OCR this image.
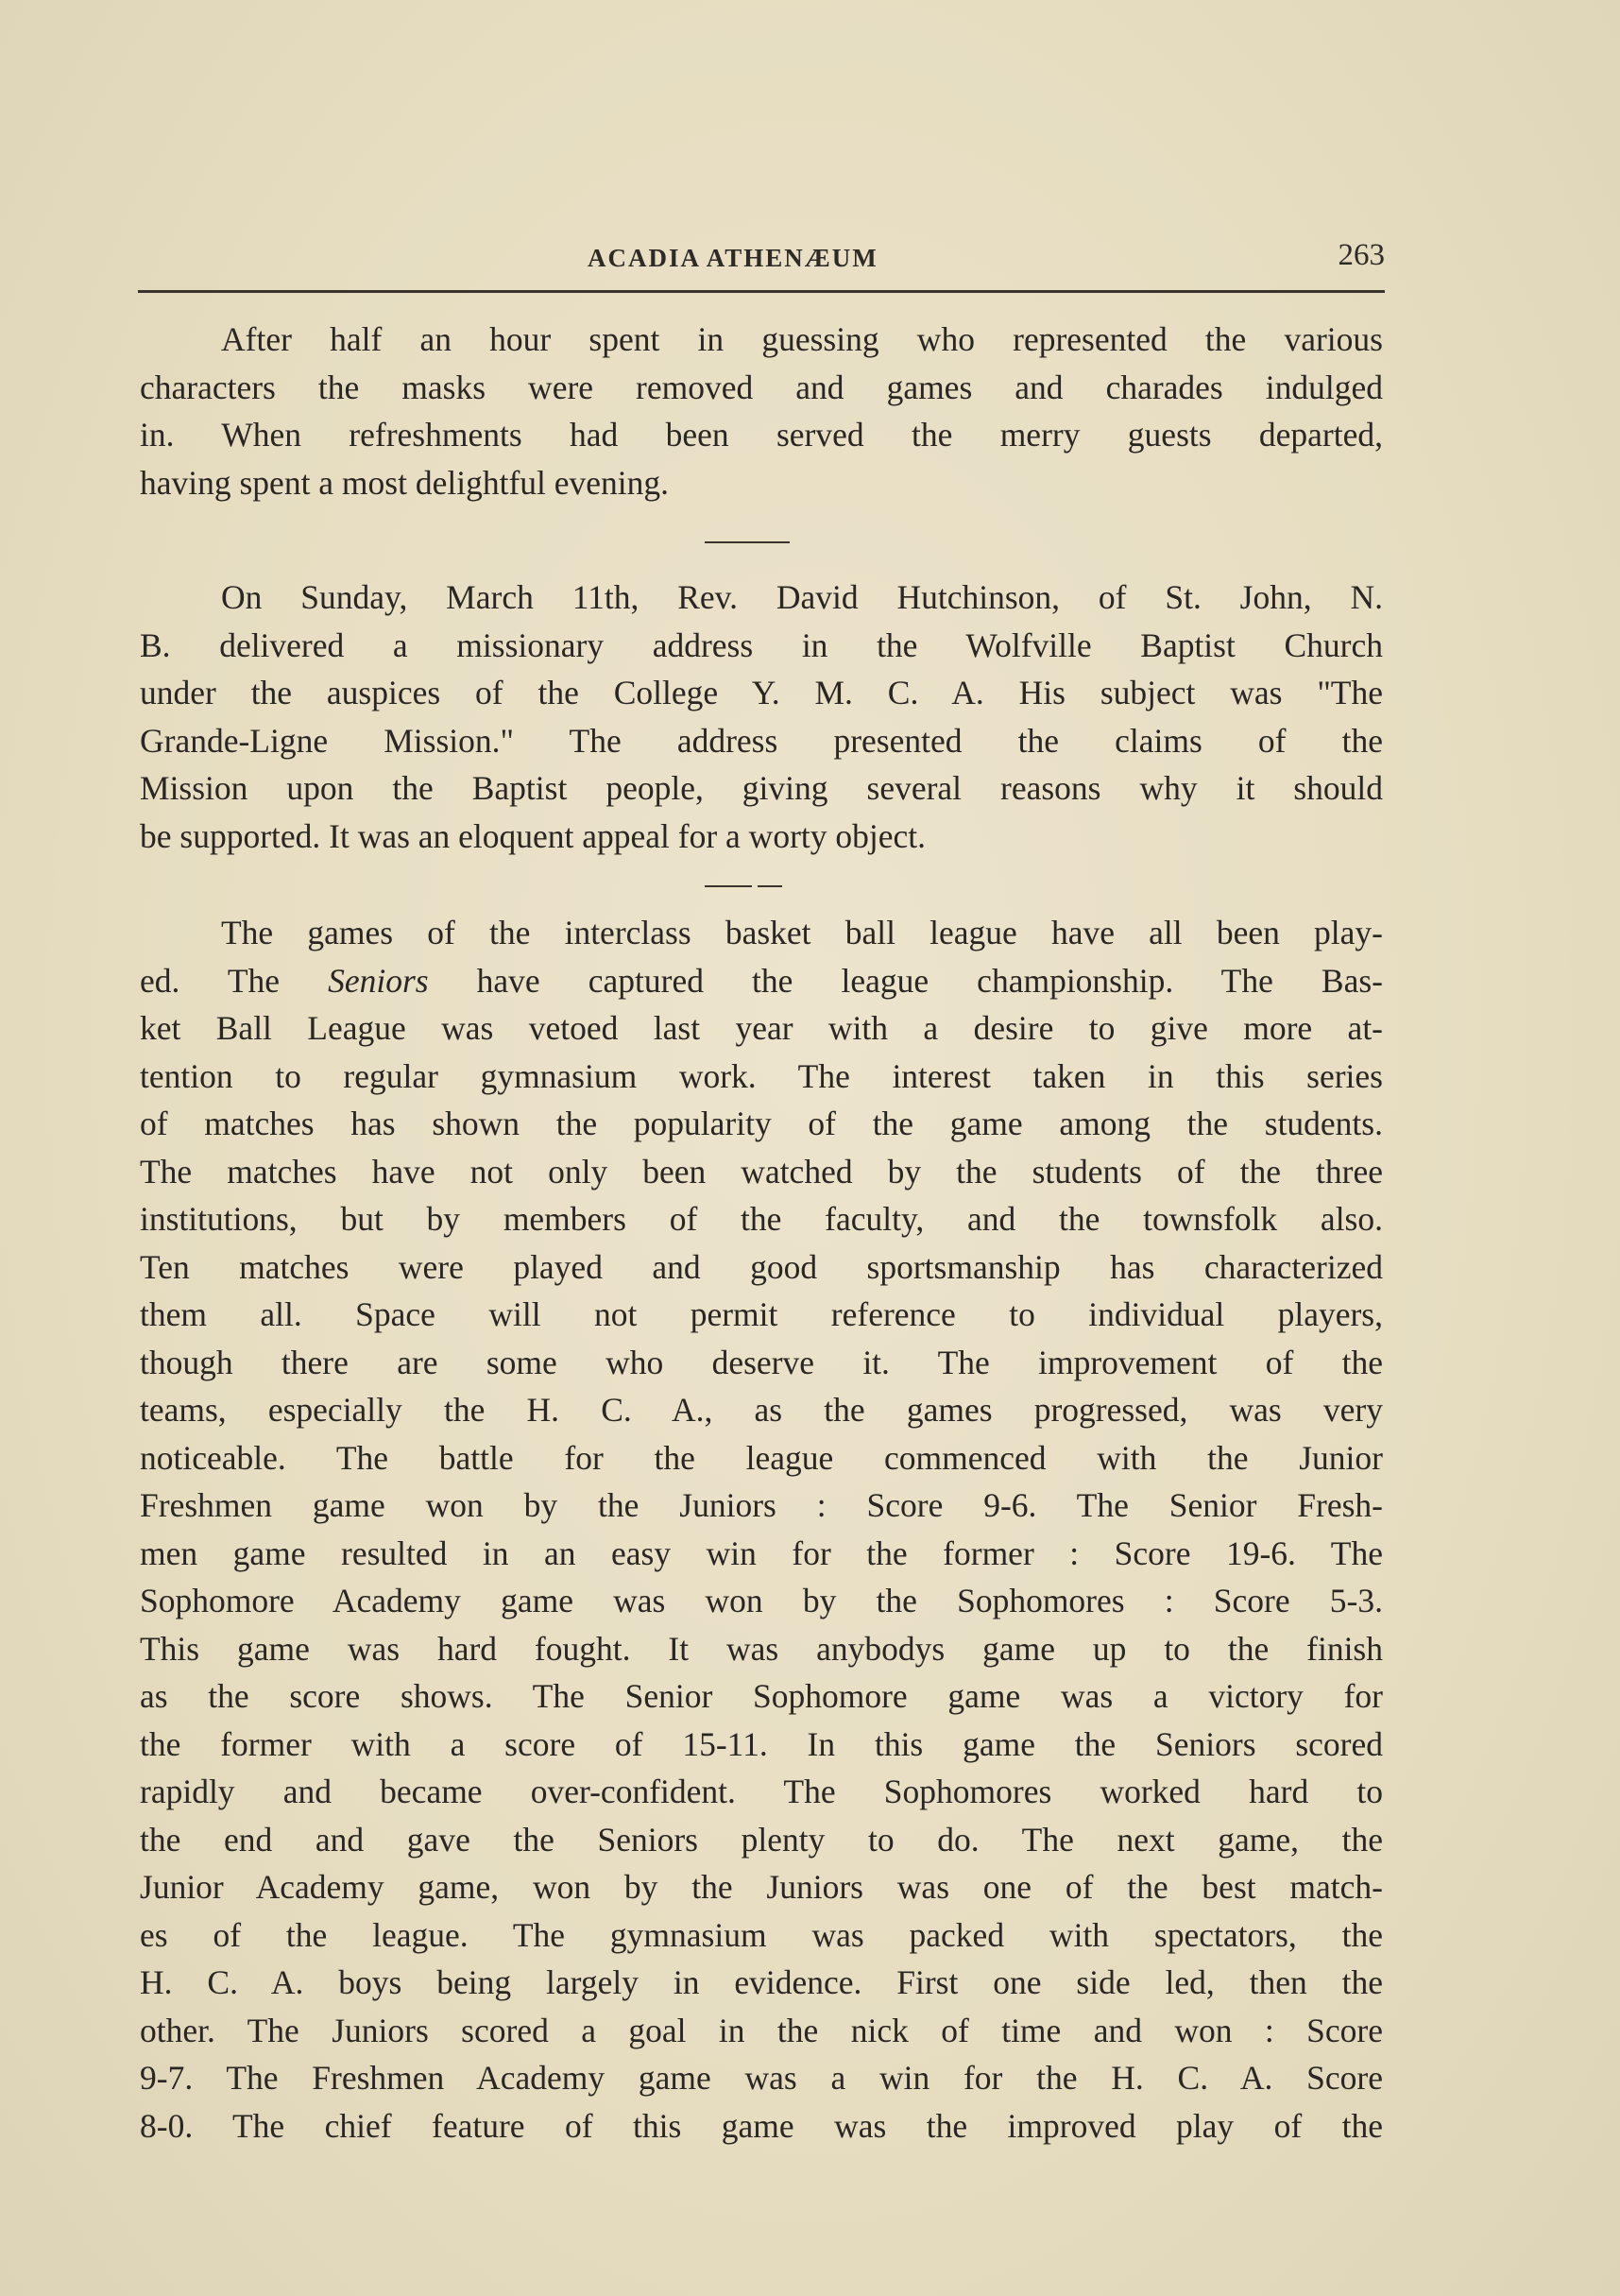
ACADIA ATHENÆUM	263
After half an hour spent in guessing who represented the various
characters the masks were removed and games and charades indulged
in. When refreshments had been served the merry guests departed,
having spent a most delightful evening.
On Sunday, March 11th, Rev. David Hutchinson, of St. John, N.
B. delivered a missionary address in the Wolfville Baptist Church
under the auspices of the College Y. M. C. A. His subject was "The
Grande-Ligne Mission." The address presented the claims of the
Mission upon the Baptist people, giving several reasons why it should
be supported. It was an eloquent appeal for a worty object.
The games of the interclass basket ball league have all been play-
ed. The Seniors have captured the league championship. The Bas-
ket Ball League was vetoed last year with a desire to give more at-
tention to regular gymnasium work. The interest taken in this series
of matches has shown the popularity of the game among the students.
The matches have not only been watched by the students of the three
institutions, but by members of the faculty, and the townsfolk also.
Ten matches were played and good sportsmanship has characterized
them all. Space will not permit reference to individual players,
though there are some who deserve it. The improvement of the
teams, especially the H. C. A., as the games progressed, was very
noticeable. The battle for the league commenced with the Junior
Freshmen game won by the Juniors : Score 9-6. The Senior Fresh-
men game resulted in an easy win for the former : Score 19-6. The
Sophomore Academy game was won by the Sophomores : Score 5-3.
This game was hard fought. It was anybodys game up to the finish
as the score shows. The Senior Sophomore game was a victory for
the former with a score of 15-11. In this game the Seniors scored
rapidly and became over-confident. The Sophomores worked hard to
the end and gave the Seniors plenty to do. The next game, the
Junior Academy game, won by the Juniors was one of the best match-
es of the league. The gymnasium was packed with spectators, the
H. C. A. boys being largely in evidence. First one side led, then the
other. The Juniors scored a goal in the nick of time and won : Score
9-7. The Freshmen Academy game was a win for the H. C. A. Score
8-0. The chief feature of this game was the improved play of the
